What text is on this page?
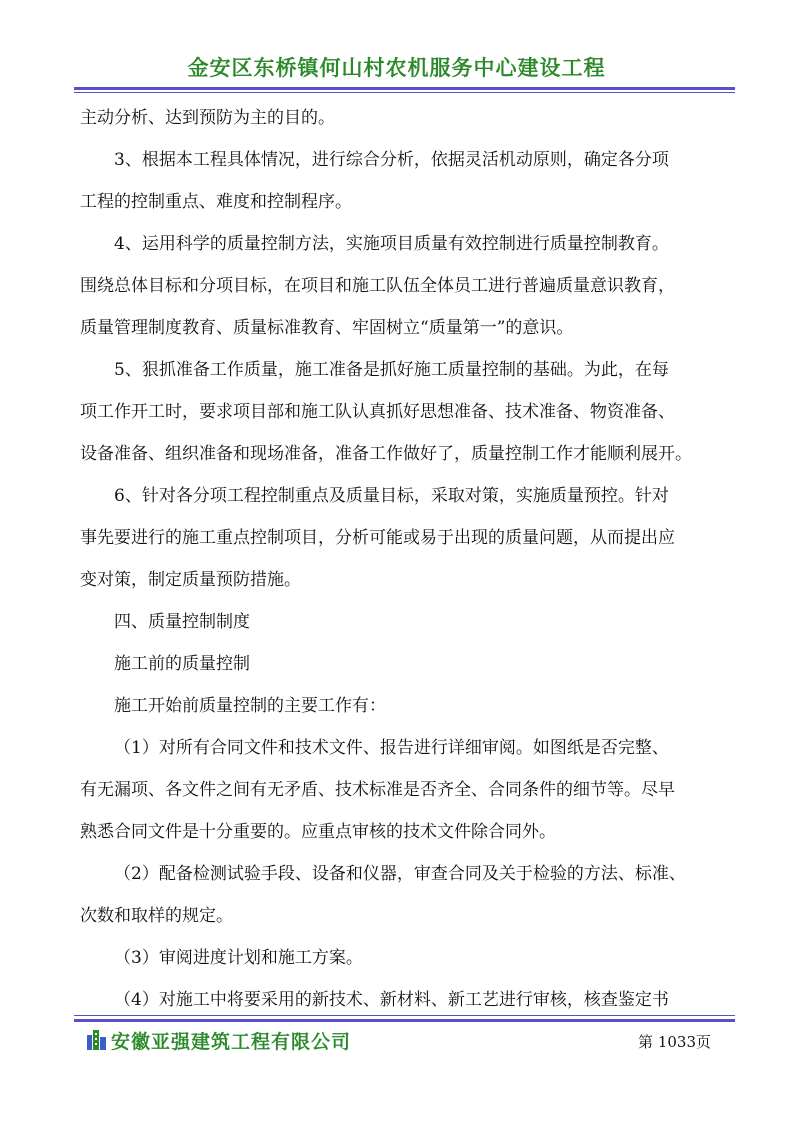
金安区东桥镇何山村农机服务中心建设工程
主动分析、达到预防为主的目的。
3、根据本工程具体情况，进行综合分析，依据灵活机动原则，确定各分项
工程的控制重点、难度和控制程序。
4、运用科学的质量控制方法，实施项目质量有效控制进行质量控制教育。
围绕总体目标和分项目标，在项目和施工队伍全体员工进行普遍质量意识教育，
质量管理制度教育、质量标准教育、牢固树立“质量第一”的意识。
5、狠抓准备工作质量，施工准备是抓好施工质量控制的基础。为此，在每
项工作开工时，要求项目部和施工队认真抓好思想准备、技术准备、物资准备、
设备准备、组织准备和现场准备，准备工作做好了，质量控制工作才能顺利展开。
6、针对各分项工程控制重点及质量目标，采取对策，实施质量预控。针对
事先要进行的施工重点控制项目，分析可能或易于出现的质量问题，从而提出应
变对策，制定质量预防措施。
四、质量控制制度
施工前的质量控制
施工开始前质量控制的主要工作有：
（1）对所有合同文件和技术文件、报告进行详细审阅。如图纸是否完整、
有无漏项、各文件之间有无矛盾、技术标准是否齐全、合同条件的细节等。尽早
熟悉合同文件是十分重要的。应重点审核的技术文件除合同外。
（2）配备检测试验手段、设备和仪器，审查合同及关于检验的方法、标准、
次数和取样的规定。
（3）审阅进度计划和施工方案。
（4）对施工中将要采用的新技术、新材料、新工艺进行审核，核查鉴定书
安徽亚强建筑工程有限公司	第 1033页
